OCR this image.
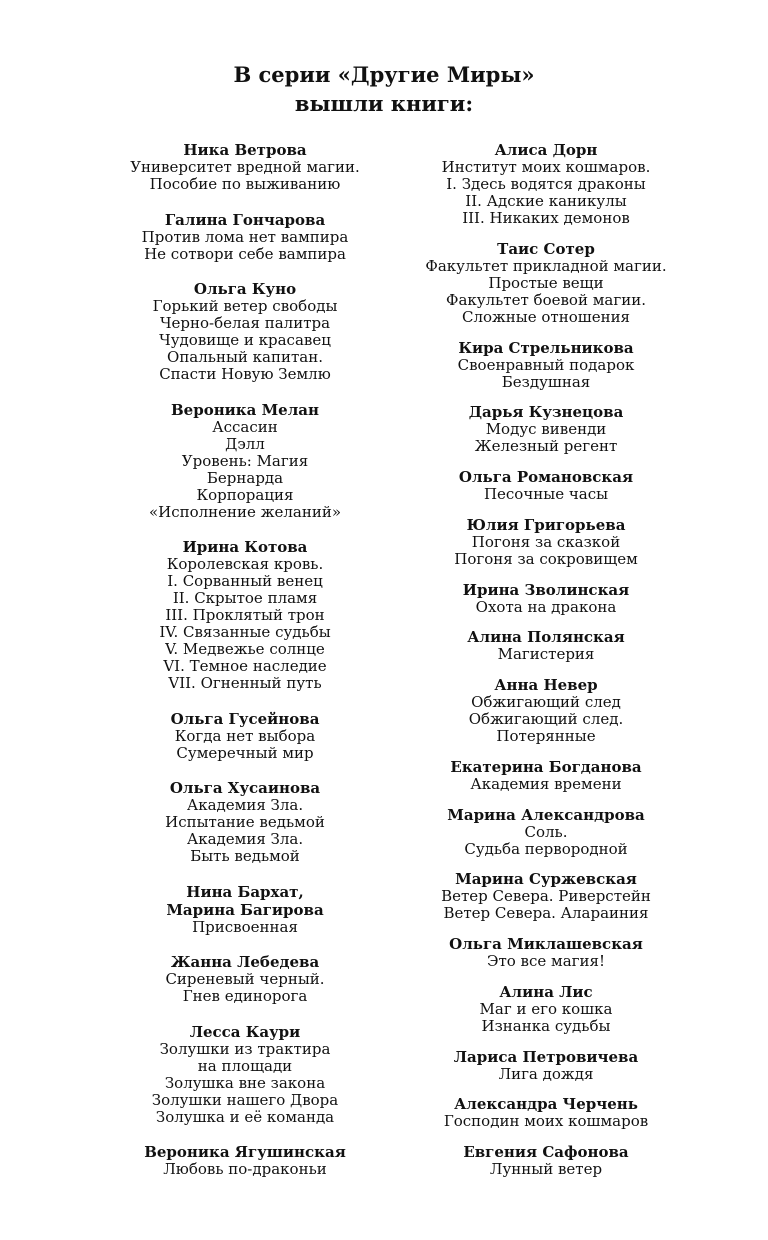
В серии «Другие Миры»
вышли книги:
Ника Ветрова
Университет вредной магии.
Пособие по выживанию
Галина Гончарова
Против лома нет вампира
Не сотвори себе вампира
Ольга Куно
Горький ветер свободы
Черно-белая палитра
Чудовище и красавец
Опальный капитан.
Спасти Новую Землю
Вероника Мелан
Ассасин
Дэлл
Уровень: Магия
Бернарда
Корпорация
«Исполнение желаний»
Ирина Котова
Королевская кровь.
I. Сорванный венец
II. Скрытое пламя
III. Проклятый трон
IV. Связанные судьбы
V. Медвежье солнце
VI. Темное наследие
VII. Огненный путь
Ольга Гусейнова
Когда нет выбора
Сумеречный мир
Ольга Хусаинова
Академия Зла.
Испытание ведьмой
Академия Зла.
Быть ведьмой
Нина Бархат,
Марина Багирова
Присвоенная
Жанна Лебедева
Сиреневый черный.
Гнев единорога
Лесса Каури
Золушки из трактира
на площади
Золушка вне закона
Золушки нашего Двора
Золушка и её команда
Вероника Ягушинская
Любовь по-драконьи
Алиса Дорн
Институт моих кошмаров.
I. Здесь водятся драконы
II. Адские каникулы
III. Никаких демонов
Таис Сотер
Факультет прикладной магии.
Простые вещи
Факультет боевой магии.
Сложные отношения
Кира Стрельникова
Своенравный подарок
Бездушная
Дарья Кузнецова
Модус вивенди
Железный регент
Ольга Романовская
Песочные часы
Юлия Григорьева
Погоня за сказкой
Погоня за сокровищем
Ирина Зволинская
Охота на дракона
Алина Полянская
Магистерия
Анна Невер
Обжигающий след
Обжигающий след.
Потерянные
Екатерина Богданова
Академия времени
Марина Александрова
Соль.
Судьба первородной
Марина Суржевская
Ветер Севера. Риверстейн
Ветер Севера. Алараиния
Ольга Миклашевская
Это все магия!
Алина Лис
Маг и его кошка
Изнанка судьбы
Лариса Петровичева
Лига дождя
Александра Черчень
Господин моих кошмаров
Евгения Сафонова
Лунный ветер
